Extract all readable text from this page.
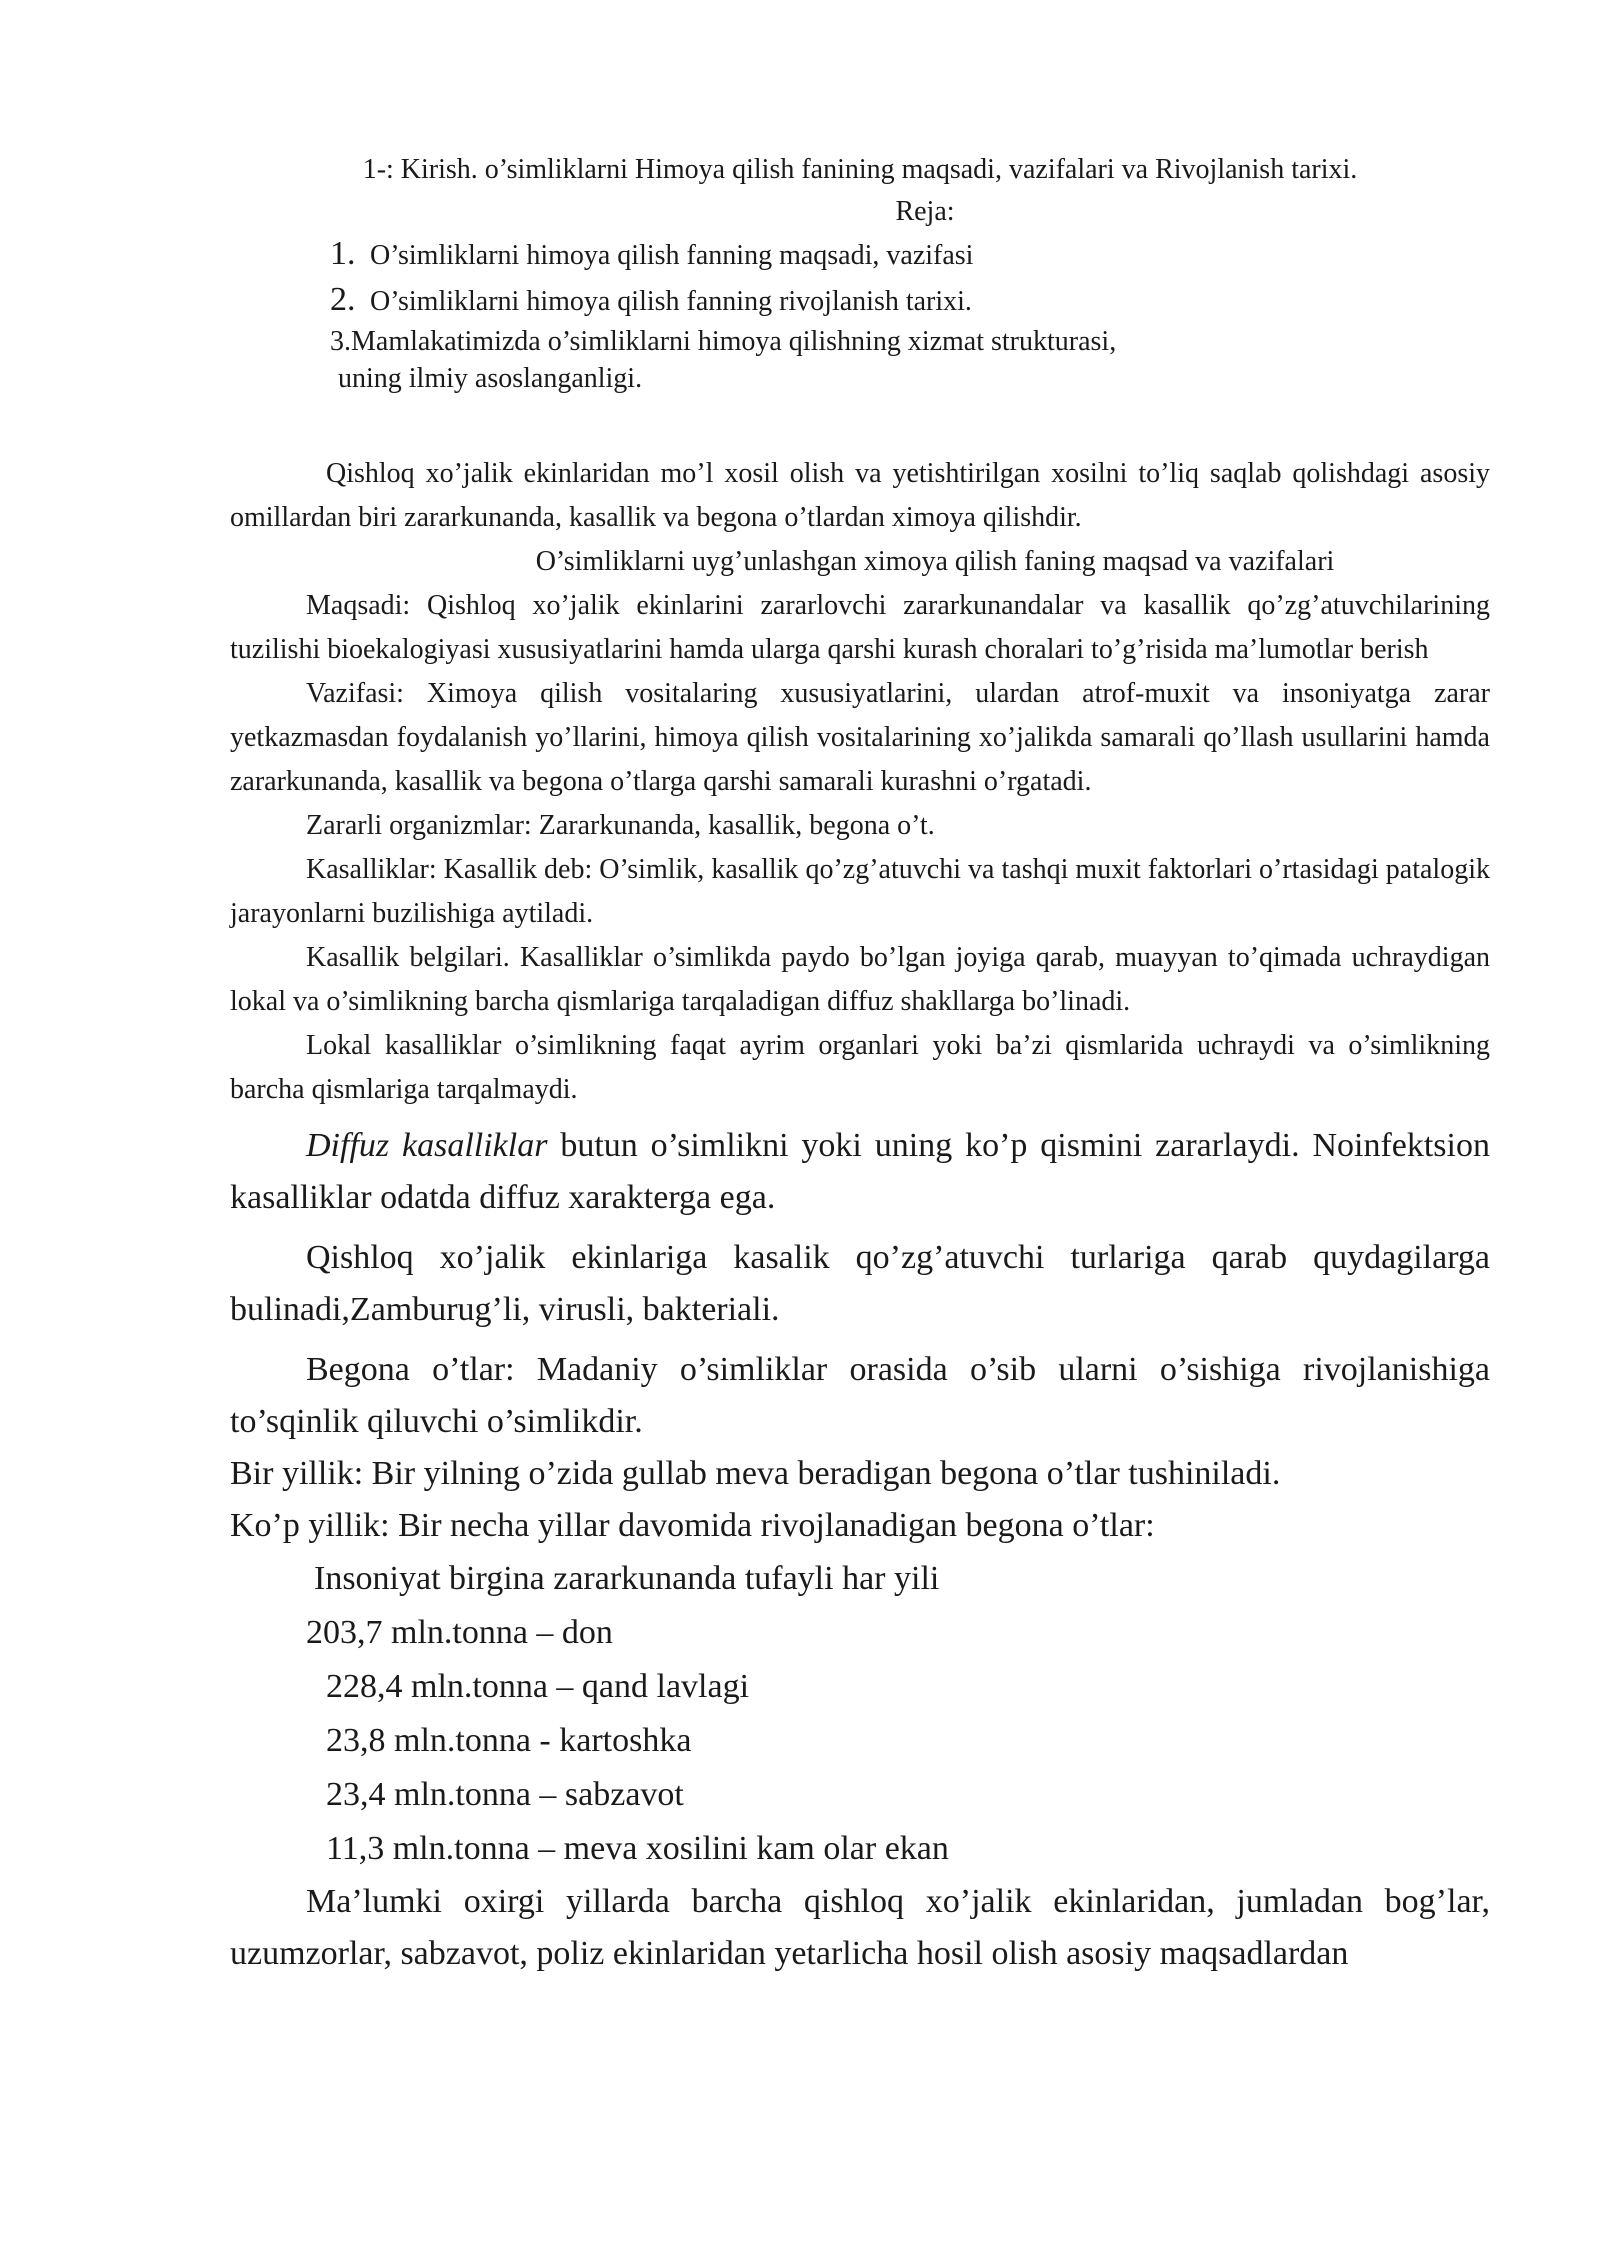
1-: Kirish. o’simliklarni Himoya qilish fanining maqsadi, vazifalari va Rivojlanish tarixi.

Reja:

1. O’simliklarni himoya qilish fanning maqsadi, vazifasi
2. O’simliklarni himoya qilish fanning rivojlanish tarixi.
3.Mamlakatimizda o’simliklarni himoya qilishning xizmat strukturasi,
uning ilmiy asoslanganligi.

Qishloq xo’jalik ekinlaridan mo’l xosil olish va yetishtirilgan xosilni to’liq saqlab qolishdagi asosiy omillardan biri zararkunanda, kasallik va begona o’tlardan ximoya qilishdir.

O’simliklarni uyg’unlashgan ximoya qilish faning maqsad va vazifalari

Maqsadi: Qishloq xo’jalik ekinlarini zararlovchi zararkunandalar va kasallik qo’zg’atuvchilarining tuzilishi bioekalogiyasi xususiyatlarini hamda ularga qarshi kurash choralari to’g’risida ma’lumotlar berish

Vazifasi: Ximoya qilish vositalaring xususiyatlarini, ulardan atrof-muxit va insoniyatga zarar yetkazmasdan foydalanish yo’llarini, himoya qilish vositalarining xo’jalikda samarali qo’llash usullarini hamda zararkunanda, kasallik va begona o’tlarga qarshi samarali kurashni o’rgatadi.

Zararli organizmlar: Zararkunanda, kasallik, begona o’t.

Kasalliklar: Kasallik deb: O’simlik, kasallik qo’zg’atuvchi va tashqi muxit faktorlari o’rtasidagi patalogik jarayonlarni buzilishiga aytiladi.

Kasallik belgilari. Kasalliklar o’simlikda paydo bo’lgan joyiga qarab, muayyan to’qimada uchraydigan lokal va o’simlikning barcha qismlariga tarqaladigan diffuz shakllarga bo’linadi.

Lokal kasalliklar o’simlikning faqat ayrim organlari yoki ba’zi qismlarida uchraydi va o’simlikning barcha qismlariga tarqalmaydi.

Diffuz kasalliklar butun o’simlikni yoki uning ko’p qismini zararlaydi. Noinfektsion kasalliklar odatda diffuz xarakterga ega.

Qishloq xo’jalik ekinlariga kasalik qo’zg’atuvchi turlariga qarab quydagilarga bulinadi,Zamburug’li, virusli, bakteriali.

Begona o’tlar: Madaniy o’simliklar orasida o’sib ularni o’sishiga rivojlanishiga to’sqinlik qiluvchi o’simlikdir.

Bir yillik: Bir yilning o’zida gullab meva beradigan begona o’tlar tushiniladi.

Ko’p yillik: Bir necha yillar davomida rivojlanadigan begona o’tlar:

Insoniyat birgina zararkunanda tufayli har yili

203,7 mln.tonna – don

228,4 mln.tonna – qand lavlagi

23,8 mln.tonna - kartoshka

23,4 mln.tonna – sabzavot

11,3 mln.tonna – meva xosilini kam olar ekan

Ma’lumki oxirgi yillarda barcha qishloq xo’jalik ekinlaridan, jumladan bog’lar, uzumzorlar, sabzavot, poliz ekinlaridan yetarlicha hosil olish asosiy maqsadlardan
